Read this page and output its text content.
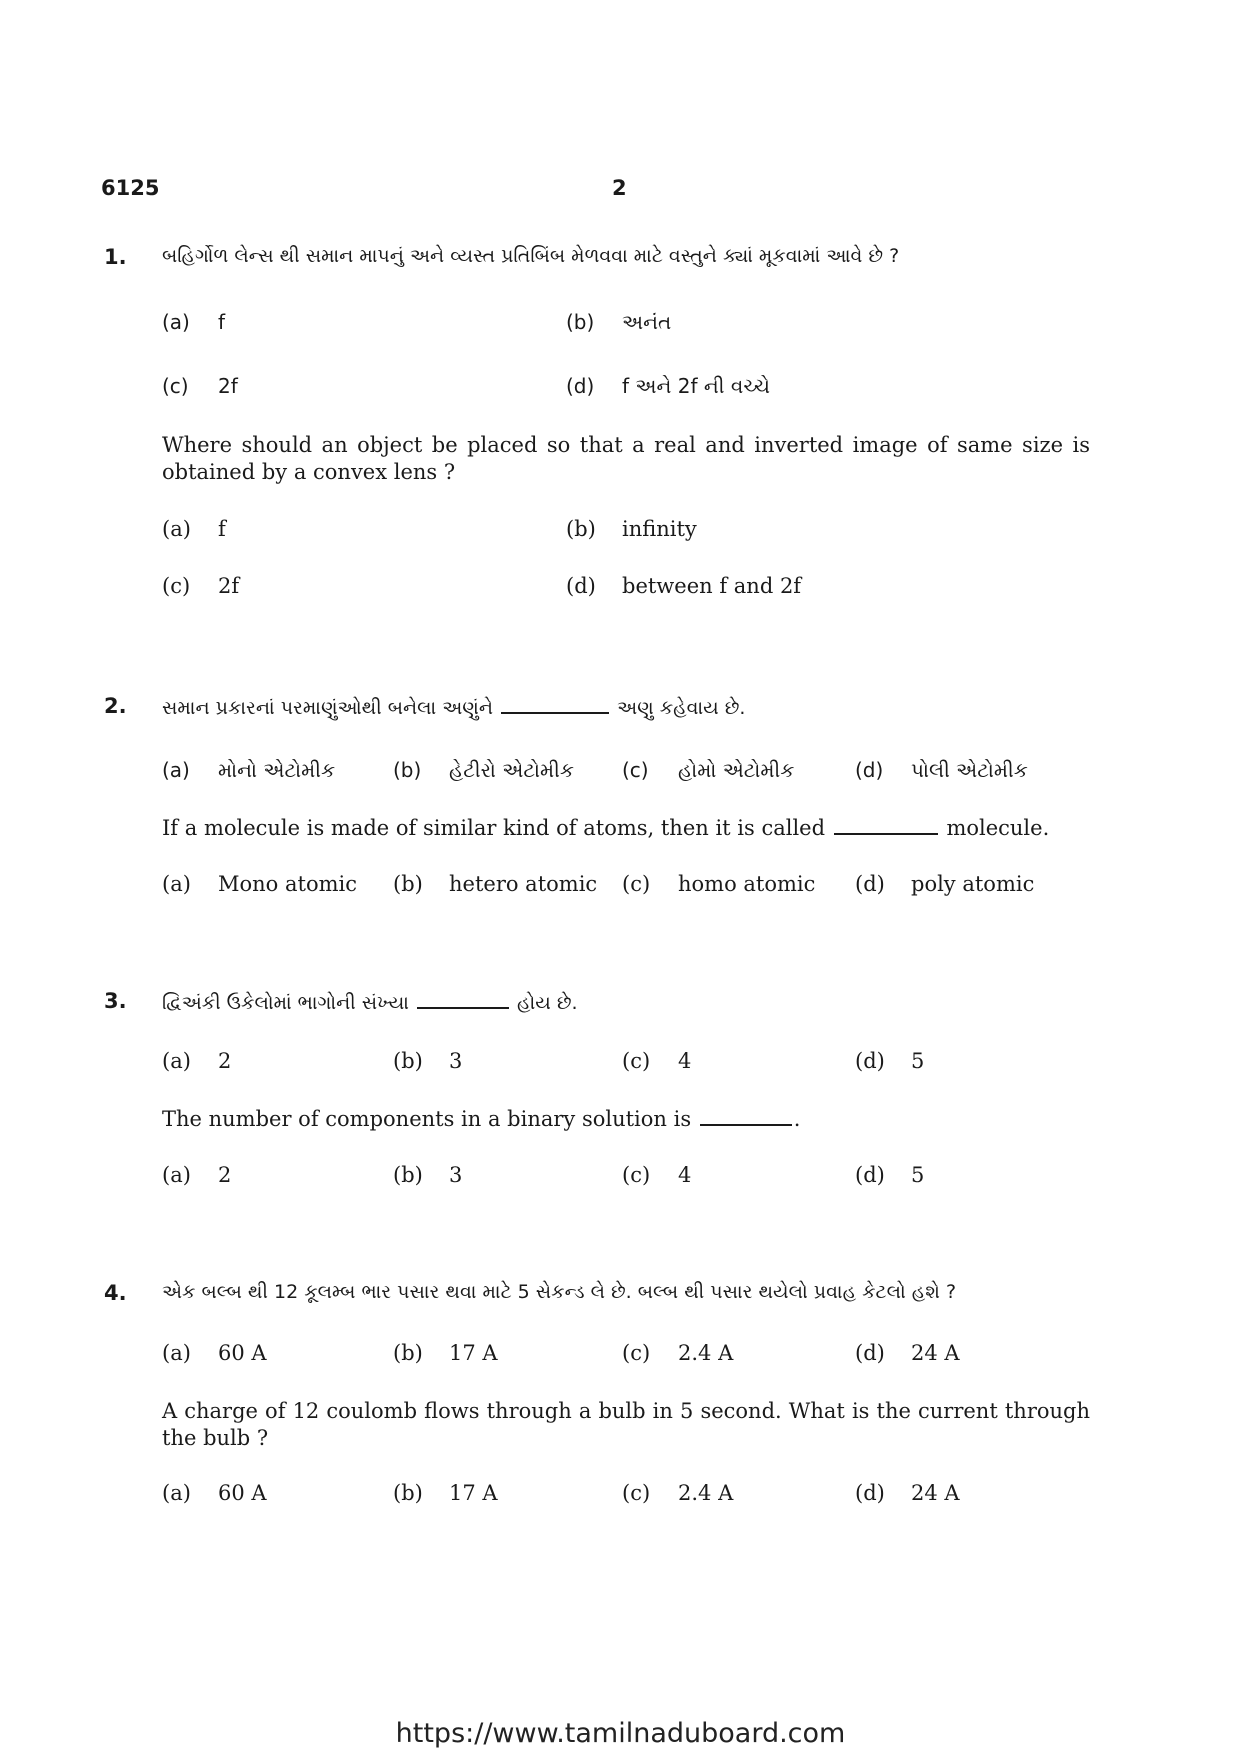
6125	2
1. બહિર્ગોળ લેન્સ થી સમાન માપનું અને વ્યસ્ત પ્રતિબિંબ મેળવવા માટે વસ્તુને ક્યાં મૂકવામાં આવે છે ?
(a) f	(b) અનંત
(c) 2f	(d) f અને 2f ની વચ્ચે
Where should an object be placed so that a real and inverted image of same size is obtained by a convex lens ?
(a) f	(b) infinity
(c) 2f	(d) between f and 2f
2. સમાન પ્રકારનાં પરમાણુંઓથી બનેલા અણુંને	અણુ કહેવાય છે.
(a) મોનો એટોમીક	(b) હેટીરો એટોમીક (c) હોમો એટોમીક	(d) પોલી એટોમીક
If a molecule is made of similar kind of atoms, then it is called	molecule.
(a) Mono atomic (b) hetero atomic (c) homo atomic (d) poly atomic
3. દ્વિઅંકી ઉકેલોમાં ભાગોની સંખ્યા	હોય છે.
(a) 2	(b) 3	(c) 4	(d) 5
The number of components in a binary solution is	.
(a) 2	(b) 3	(c) 4	(d) 5
4. એક બલ્બ થી 12 કૂલમ્બ ભાર પસાર થવા માટે 5 સેકન્ડ લે છે. બલ્બ થી પસાર થયેલો પ્રવાહ કેટલો હશે ?
(a) 60 A	(b) 17 A	(c) 2.4 A	(d) 24 A
A charge of 12 coulomb flows through a bulb in 5 second. What is the current through the bulb ?
(a) 60 A	(b) 17 A	(c) 2.4 A	(d) 24 A
https://www.tamilnaduboard.com
